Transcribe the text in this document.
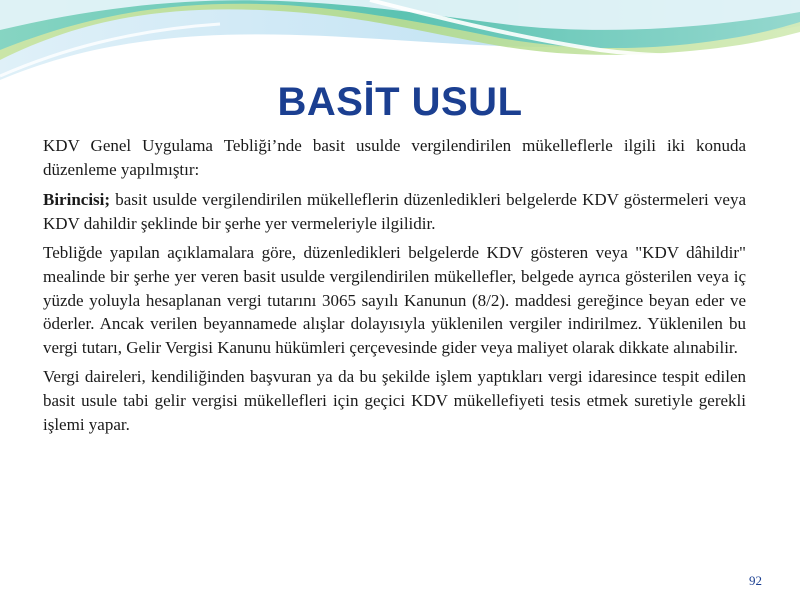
BASİT USUL

KDV Genel Uygulama Tebliği’nde basit usulde vergilendirilen mükelleflerle ilgili iki konuda düzenleme yapılmıştır:

Birincisi; basit usulde vergilendirilen mükelleflerin düzenledikleri belgelerde KDV göstermeleri veya KDV dahildir şeklinde bir şerhe yer vermeleriyle ilgilidir.

Tebliğde yapılan açıklamalara göre, düzenledikleri belgelerde KDV gösteren veya "KDV dâhildir" mealinde bir şerhe yer veren basit usulde vergilendirilen mükellefler, belgede ayrıca gösterilen veya iç yüzde yoluyla hesaplanan vergi tutarını 3065 sayılı Kanunun (8/2). maddesi gereğince beyan eder ve öderler. Ancak verilen beyannamede alışlar dolayısıyla yüklenilen vergiler indirilmez. Yüklenilen bu vergi tutarı, Gelir Vergisi Kanunu hükümleri çerçevesinde gider veya maliyet olarak dikkate alınabilir.

Vergi daireleri, kendiliğinden başvuran ya da bu şekilde işlem yaptıkları vergi idaresince tespit edilen basit usule tabi gelir vergisi mükellefleri için geçici KDV mükellefiyeti tesis etmek suretiyle gerekli işlemi yapar.

92
